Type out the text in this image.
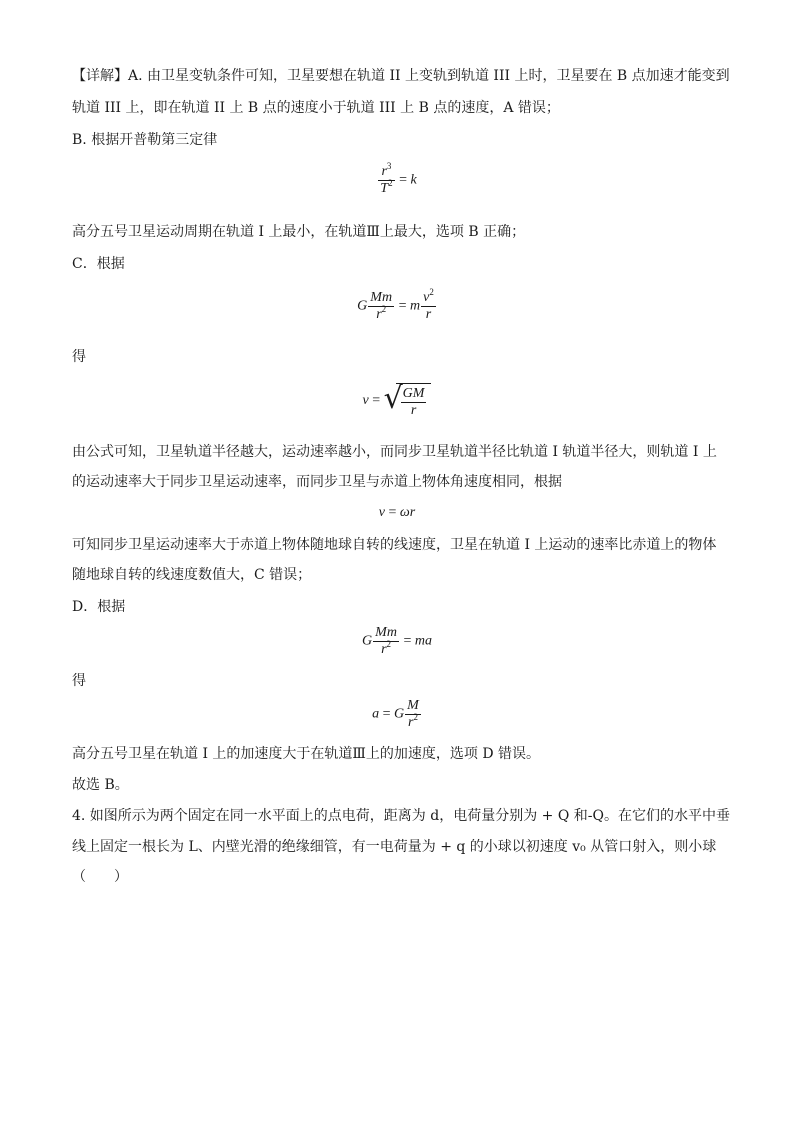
【详解】A. 由卫星变轨条件可知，卫星要想在轨道 II 上变轨到轨道 III 上时，卫星要在 B 点加速才能变到
轨道 III 上，即在轨道 II 上 B 点的速度小于轨道 III 上 B 点的速度，A 错误；
B. 根据开普勒第三定律
$\frac{r^3}{T^2} = k$
高分五号卫星运动周期在轨道 I 上最小，在轨道Ⅲ上最大，选项 B 正确；
C．根据
G $\frac{Mm}{r^2} = m \frac{v^2}{r}$
得
v = √
$\frac{GM}{r}$
由公式可知，卫星轨道半径越大，运动速率越小，而同步卫星轨道半径比轨道 I 轨道半径大，则轨道 I 上
的运动速率大于同步卫星运动速率，而同步卫星与赤道上物体角速度相同，根据
v = ωr
可知同步卫星运动速率大于赤道上物体随地球自转的线速度，卫星在轨道 I 上运动的速率比赤道上的物体
随地球自转的线速度数值大，C 错误；
D．根据
G $\frac{Mm}{r^2}$ = ma
得
a = G $\frac{M}{r^2}$
高分五号卫星在轨道 I 上的加速度大于在轨道Ⅲ上的加速度，选项 D 错误。
故选 B。
4. 如图所示为两个固定在同一水平面上的点电荷，距离为 d，电荷量分别为 + Q 和-Q。在它们的水平中垂
线上固定一根长为 L、内壁光滑的绝缘细管，有一电荷量为 + q 的小球以初速度 v₀ 从管口射入，则小球
（　　）
